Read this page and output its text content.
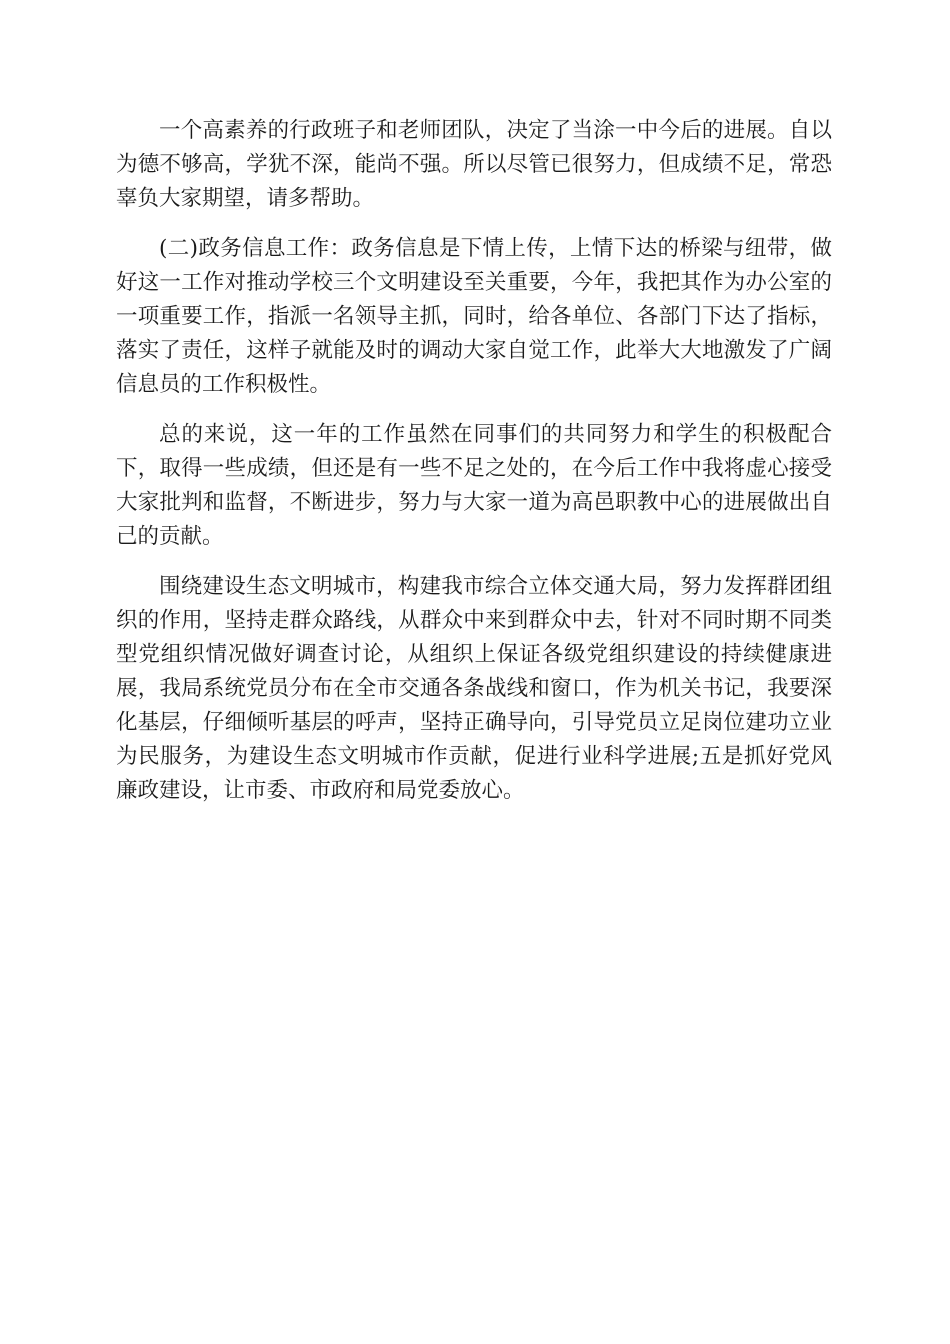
一个高素养的行政班子和老师团队，决定了当涂一中今后的进展。自以为德不够高，学犹不深，能尚不强。所以尽管已很努力，但成绩不足，常恐辜负大家期望，请多帮助。

(二)政务信息工作：政务信息是下情上传，上情下达的桥梁与纽带，做好这一工作对推动学校三个文明建设至关重要，今年，我把其作为办公室的一项重要工作，指派一名领导主抓，同时，给各单位、各部门下达了指标，落实了责任，这样子就能及时的调动大家自觉工作，此举大大地激发了广阔信息员的工作积极性。

总的来说，这一年的工作虽然在同事们的共同努力和学生的积极配合下，取得一些成绩，但还是有一些不足之处的，在今后工作中我将虚心接受大家批判和监督，不断进步，努力与大家一道为高邑职教中心的进展做出自己的贡献。

围绕建设生态文明城市，构建我市综合立体交通大局，努力发挥群团组织的作用，坚持走群众路线，从群众中来到群众中去，针对不同时期不同类型党组织情况做好调查讨论，从组织上保证各级党组织建设的持续健康进展，我局系统党员分布在全市交通各条战线和窗口，作为机关书记，我要深化基层，仔细倾听基层的呼声，坚持正确导向，引导党员立足岗位建功立业为民服务，为建设生态文明城市作贡献，促进行业科学进展;五是抓好党风廉政建设，让市委、市政府和局党委放心。
